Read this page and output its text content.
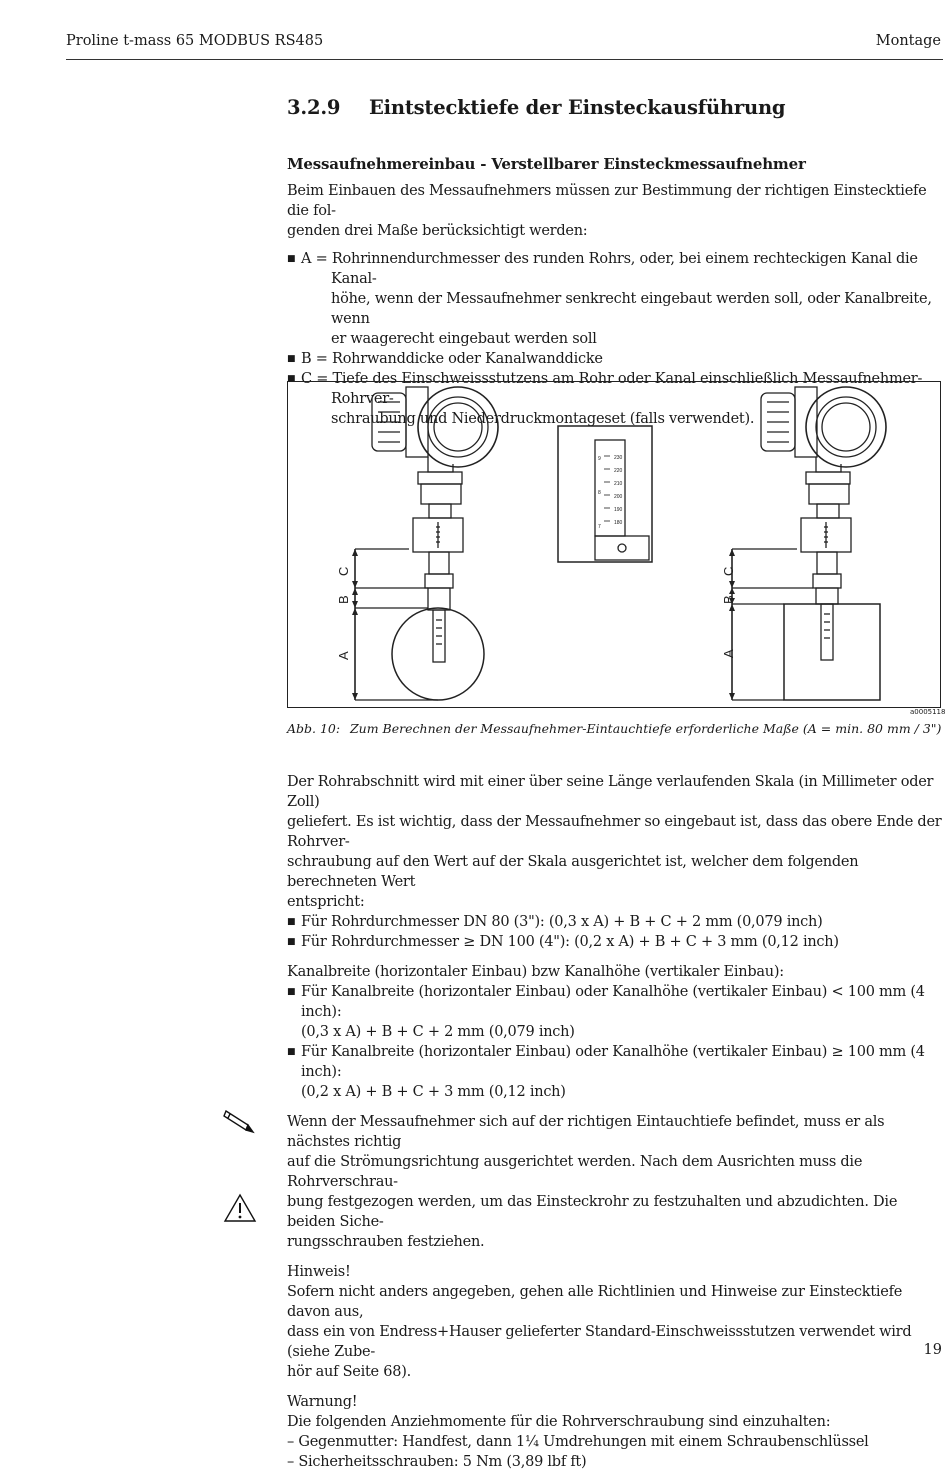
Proline t-mass 65 MODBUS RS485	Montage
3.2.9 Eintstecktiefe der Einsteckausführung
Messaufnehmereinbau - Verstellbarer Einsteckmessaufnehmer

Beim Einbauen des Messaufnehmers müssen zur Bestimmung der richtigen Einstecktiefe die fol-
genden drei Maße berücksichtigt werden:

■ A = Rohrinnendurchmesser des runden Rohrs, oder, bei einem rechteckigen Kanal die Kanal-
höhe, wenn der Messaufnehmer senkrecht eingebaut werden soll, oder Kanalbreite, wenn
er waagerecht eingebaut werden soll
■ B = Rohrwanddicke oder Kanalwanddicke
■ C = Tiefe des Einschweissstutzens am Rohr oder Kanal einschließlich Messaufnehmer-Rohrver-
schraubung und Niederdruckmontageset (falls verwendet).
C
B
A
230
220
210
200
190
180
9
8
7
C
B
A
a0005118
Abb. 10: Zum Berechnen der Messaufnehmer-Eintauchtiefe erforderliche Maße (A = min. 80 mm / 3")

Der Rohrabschnitt wird mit einer über seine Länge verlaufenden Skala (in Millimeter oder Zoll)
geliefert. Es ist wichtig, dass der Messaufnehmer so eingebaut ist, dass das obere Ende der Rohrver-
schraubung auf den Wert auf der Skala ausgerichtet ist, welcher dem folgenden berechneten Wert
entspricht:

■ Für Rohrdurchmesser DN 80 (3"): (0,3 x A) + B + C + 2 mm (0,079 inch)
■ Für Rohrdurchmesser ≥ DN 100 (4"): (0,2 x A) + B + C + 3 mm (0,12 inch)

Kanalbreite (horizontaler Einbau) bzw Kanalhöhe (vertikaler Einbau):

■ Für Kanalbreite (horizontaler Einbau) oder Kanalhöhe (vertikaler Einbau) < 100 mm (4 inch):
(0,3 x A) + B + C + 2 mm (0,079 inch)
■ Für Kanalbreite (horizontaler Einbau) oder Kanalhöhe (vertikaler Einbau) ≥ 100 mm (4 inch):
(0,2 x A) + B + C + 3 mm (0,12 inch)

Wenn der Messaufnehmer sich auf der richtigen Eintauchtiefe befindet, muss er als nächstes richtig
auf die Strömungsrichtung ausgerichtet werden. Nach dem Ausrichten muss die Rohrverschrau-
bung festgezogen werden, um das Einsteckrohr zu festzuhalten und abzudichten. Die beiden Siche-
rungsschrauben festziehen.

Hinweis!
Sofern nicht anders angegeben, gehen alle Richtlinien und Hinweise zur Einstecktiefe davon aus,
dass ein von Endress+Hauser gelieferter Standard-Einschweissstutzen verwendet wird (siehe Zube-
hör auf Seite 68).

Warnung!
Die folgenden Anziehmomente für die Rohrverschraubung sind einzuhalten:
– Gegenmutter: Handfest, dann 1¼ Umdrehungen mit einem Schraubenschlüssel
– Sicherheitsschrauben: 5 Nm (3,89 lbf ft)

19
